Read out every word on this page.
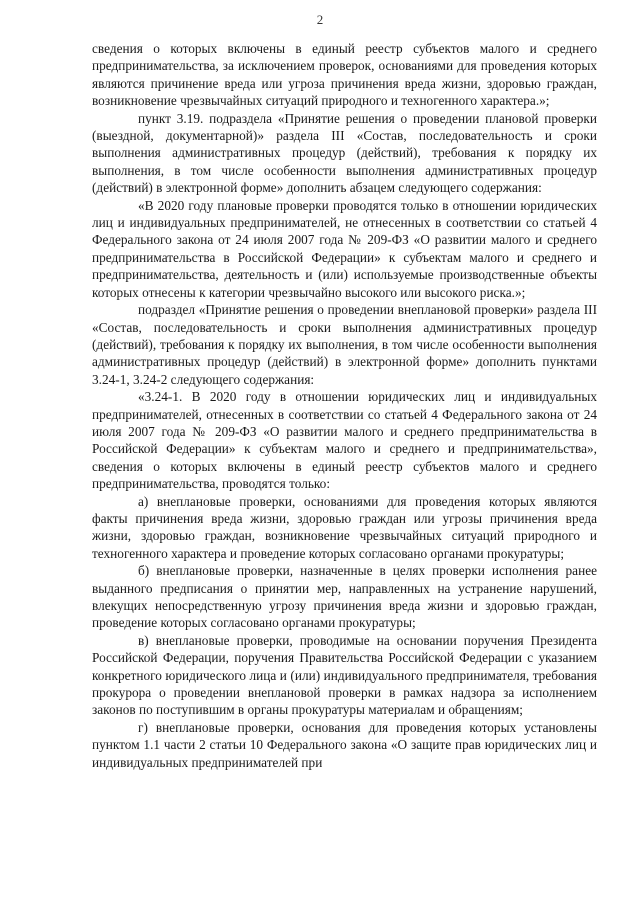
2

сведения о которых включены в единый реестр субъектов малого и среднего предпринимательства, за исключением проверок, основаниями для проведения которых являются причинение вреда или угроза причинения вреда жизни, здоровью граждан, возникновение чрезвычайных ситуаций природного и техногенного характера.»;

пункт 3.19. подраздела «Принятие решения о проведении плановой проверки (выездной, документарной)» раздела III «Состав, последовательность и сроки выполнения административных процедур (действий), требования к порядку их выполнения, в том числе особенности выполнения административных процедур (действий) в электронной форме» дополнить абзацем следующего содержания:

«В 2020 году плановые проверки проводятся только в отношении юридических лиц и индивидуальных предпринимателей, не отнесенных в соответствии со статьей 4 Федерального закона от 24 июля 2007 года № 209-ФЗ «О развитии малого и среднего предпринимательства в Российской Федерации» к субъектам малого и среднего и предпринимательства, деятельность и (или) используемые производственные объекты которых отнесены к категории чрезвычайно высокого или высокого риска.»;

подраздел «Принятие решения о проведении внеплановой проверки» раздела III «Состав, последовательность и сроки выполнения административных процедур (действий), требования к порядку их выполнения, в том числе особенности выполнения административных процедур (действий) в электронной форме» дополнить пунктами 3.24-1, 3.24-2 следующего содержания:

«3.24-1. В 2020 году в отношении юридических лиц и индивидуальных предпринимателей, отнесенных в соответствии со статьей 4 Федерального закона от 24 июля 2007 года № 209-ФЗ «О развитии малого и среднего предпринимательства в Российской Федерации» к субъектам малого и среднего и предпринимательства», сведения о которых включены в единый реестр субъектов малого и среднего предпринимательства, проводятся только:

а) внеплановые проверки, основаниями для проведения которых являются факты причинения вреда жизни, здоровью граждан или угрозы причинения вреда жизни, здоровью граждан, возникновение чрезвычайных ситуаций природного и техногенного характера и проведение которых согласовано органами прокуратуры;

б) внеплановые проверки, назначенные в целях проверки исполнения ранее выданного предписания о принятии мер, направленных на устранение нарушений, влекущих непосредственную угрозу причинения вреда жизни и здоровью граждан, проведение которых согласовано органами прокуратуры;

в) внеплановые проверки, проводимые на основании поручения Президента Российской Федерации, поручения Правительства Российской Федерации с указанием конкретного юридического лица и (или) индивидуального предпринимателя, требования прокурора о проведении внеплановой проверки в рамках надзора за исполнением законов по поступившим в органы прокуратуры материалам и обращениям;

г) внеплановые проверки, основания для проведения которых установлены пунктом 1.1 части 2 статьи 10 Федерального закона «О защите прав юридических лиц и индивидуальных предпринимателей при
